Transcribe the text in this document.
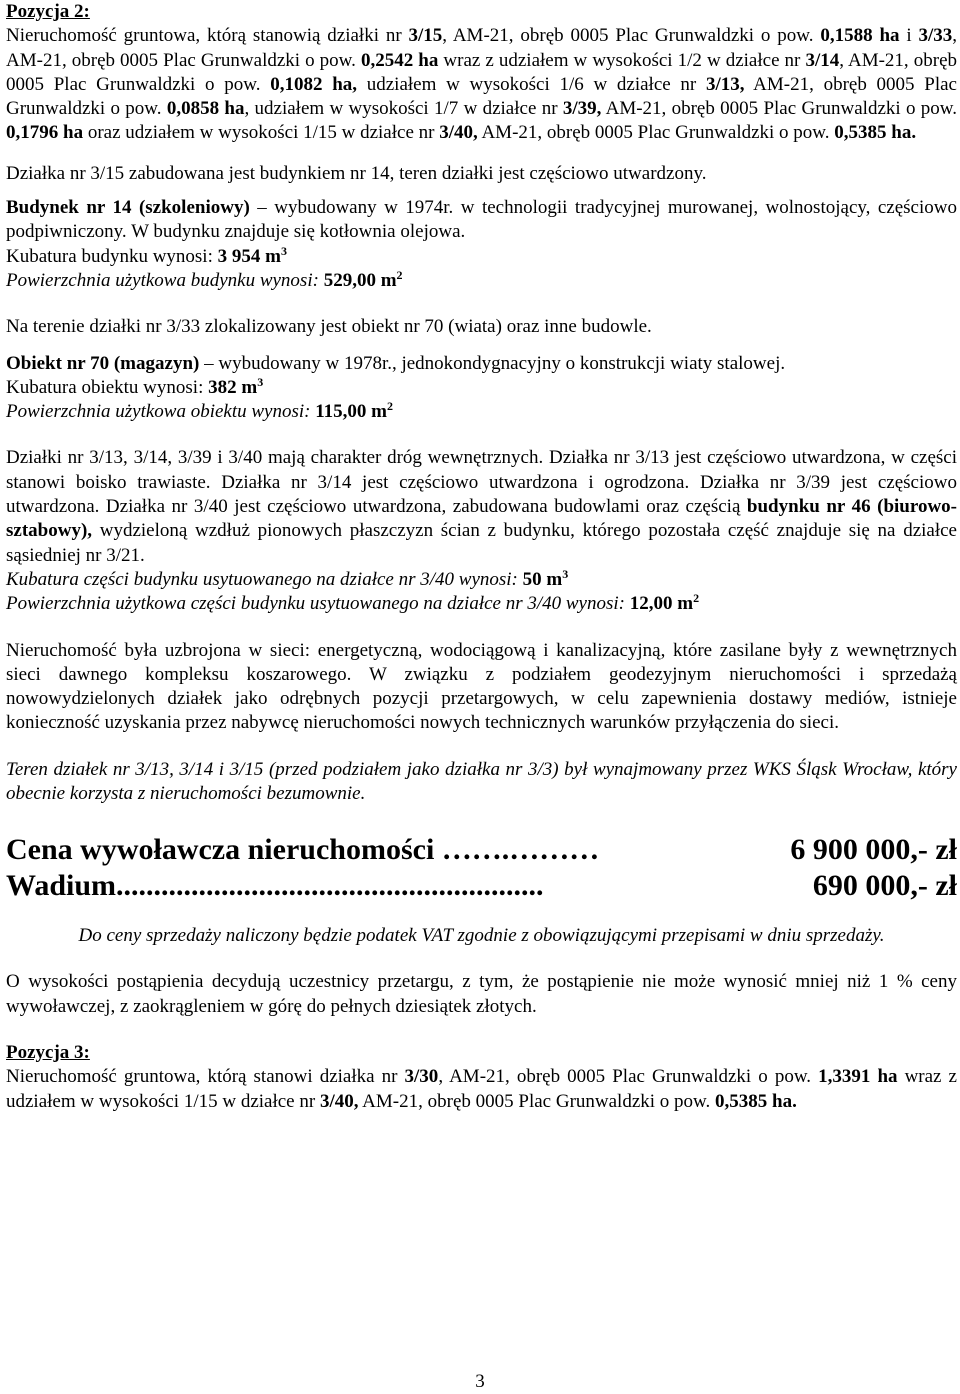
Pozycja 2:

Nieruchomość gruntowa, którą stanowią działki nr 3/15, AM-21, obręb 0005 Plac Grunwaldzki o pow. 0,1588 ha i 3/33, AM-21, obręb 0005 Plac Grunwaldzki o pow. 0,2542 ha wraz z udziałem w wysokości 1/2 w działce nr 3/14, AM-21, obręb 0005 Plac Grunwaldzki o pow. 0,1082 ha, udziałem w wysokości 1/6 w działce nr 3/13, AM-21, obręb 0005 Plac Grunwaldzki o pow. 0,0858 ha, udziałem w wysokości 1/7 w działce nr 3/39, AM-21, obręb 0005 Plac Grunwaldzki o pow. 0,1796 ha oraz udziałem w wysokości 1/15 w działce nr 3/40, AM-21, obręb 0005 Plac Grunwaldzki o pow. 0,5385 ha.

Działka nr 3/15 zabudowana jest budynkiem nr 14, teren działki jest częściowo utwardzony.

Budynek nr 14 (szkoleniowy) – wybudowany w 1974r. w technologii tradycyjnej murowanej, wolnostojący, częściowo podpiwniczony. W budynku znajduje się kotłownia olejowa.
Kubatura budynku wynosi: 3 954 $m^3$
Powierzchnia użytkowa budynku wynosi: 529,00 $m^2$

Na terenie działki nr 3/33 zlokalizowany jest obiekt nr 70 (wiata) oraz inne budowle.

Obiekt nr 70 (magazyn) – wybudowany w 1978r., jednokondygnacyjny o konstrukcji wiaty stalowej.
Kubatura obiektu wynosi: 382 $m^3$
Powierzchnia użytkowa obiektu wynosi: 115,00 $m^2$

Działki nr 3/13, 3/14, 3/39 i 3/40 mają charakter dróg wewnętrznych. Działka nr 3/13 jest częściowo utwardzona, w części stanowi boisko trawiaste. Działka nr 3/14 jest częściowo utwardzona i ogrodzona. Działka nr 3/39 jest częściowo utwardzona. Działka nr 3/40 jest częściowo utwardzona, zabudowana budowlami oraz częścią budynku nr 46 (biurowo-sztabowy), wydzieloną wzdłuż pionowych płaszczyzn ścian z budynku, którego pozostała część znajduje się na działce sąsiedniej nr 3/21.
Kubatura części budynku usytuowanego na działce nr 3/40 wynosi: 50 $m^3$
Powierzchnia użytkowa części budynku usytuowanego na działce nr 3/40 wynosi: 12,00 $m^2$

Nieruchomość była uzbrojona w sieci: energetyczną, wodociągową i kanalizacyjną, które zasilane były z wewnętrznych sieci dawnego kompleksu koszarowego. W związku z podziałem geodezyjnym nieruchomości i sprzedażą nowowydzielonych działek jako odrębnych pozycji przetargowych, w celu zapewnienia dostawy mediów, istnieje konieczność uzyskania przez nabywcę nieruchomości nowych technicznych warunków przyłączenia do sieci.

Teren działek nr 3/13, 3/14 i 3/15 (przed podziałem jako działka nr 3/3) był wynajmowany przez WKS Śląsk Wrocław, który obecnie korzysta z nieruchomości bezumownie.

Cena wywoławcza nieruchomości …….………	6 900 000,- zł
Wadium.........................................................	690 000,- zł

Do ceny sprzedaży naliczony będzie podatek VAT zgodnie z obowiązującymi przepisami w dniu sprzedaży.

O wysokości postąpienia decydują uczestnicy przetargu, z tym, że postąpienie nie może wynosić mniej niż 1 % ceny wywoławczej, z zaokrągleniem w górę do pełnych dziesiątek złotych.

Pozycja 3:

Nieruchomość gruntowa, którą stanowi działka nr 3/30, AM-21, obręb 0005 Plac Grunwaldzki o pow. 1,3391 ha wraz z udziałem w wysokości 1/15 w działce nr 3/40, AM-21, obręb 0005 Plac Grunwaldzki o pow. 0,5385 ha.

3
